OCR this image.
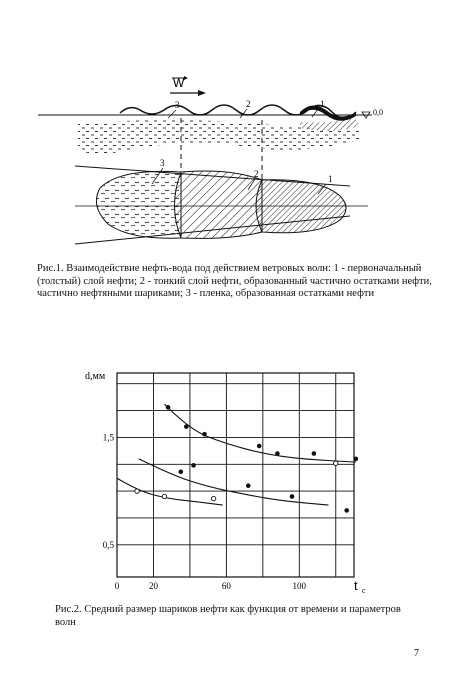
W
0,0
3	2	1
3
2	1

Рис.1. Взаимодействие нефть-вода под действием ветровых волн: 1 - первоначальный (толстый) слой нефти; 2 - тонкий слой нефти, образованный частично остатками нефти, частично нефтяными шариками; 3 - пленка, образованная остатками нефти

0	20	60	100
1,5
0,5
d,мм
t c

Рис.2. Средний размер шариков нефти как функция от времени и параметров волн

7
